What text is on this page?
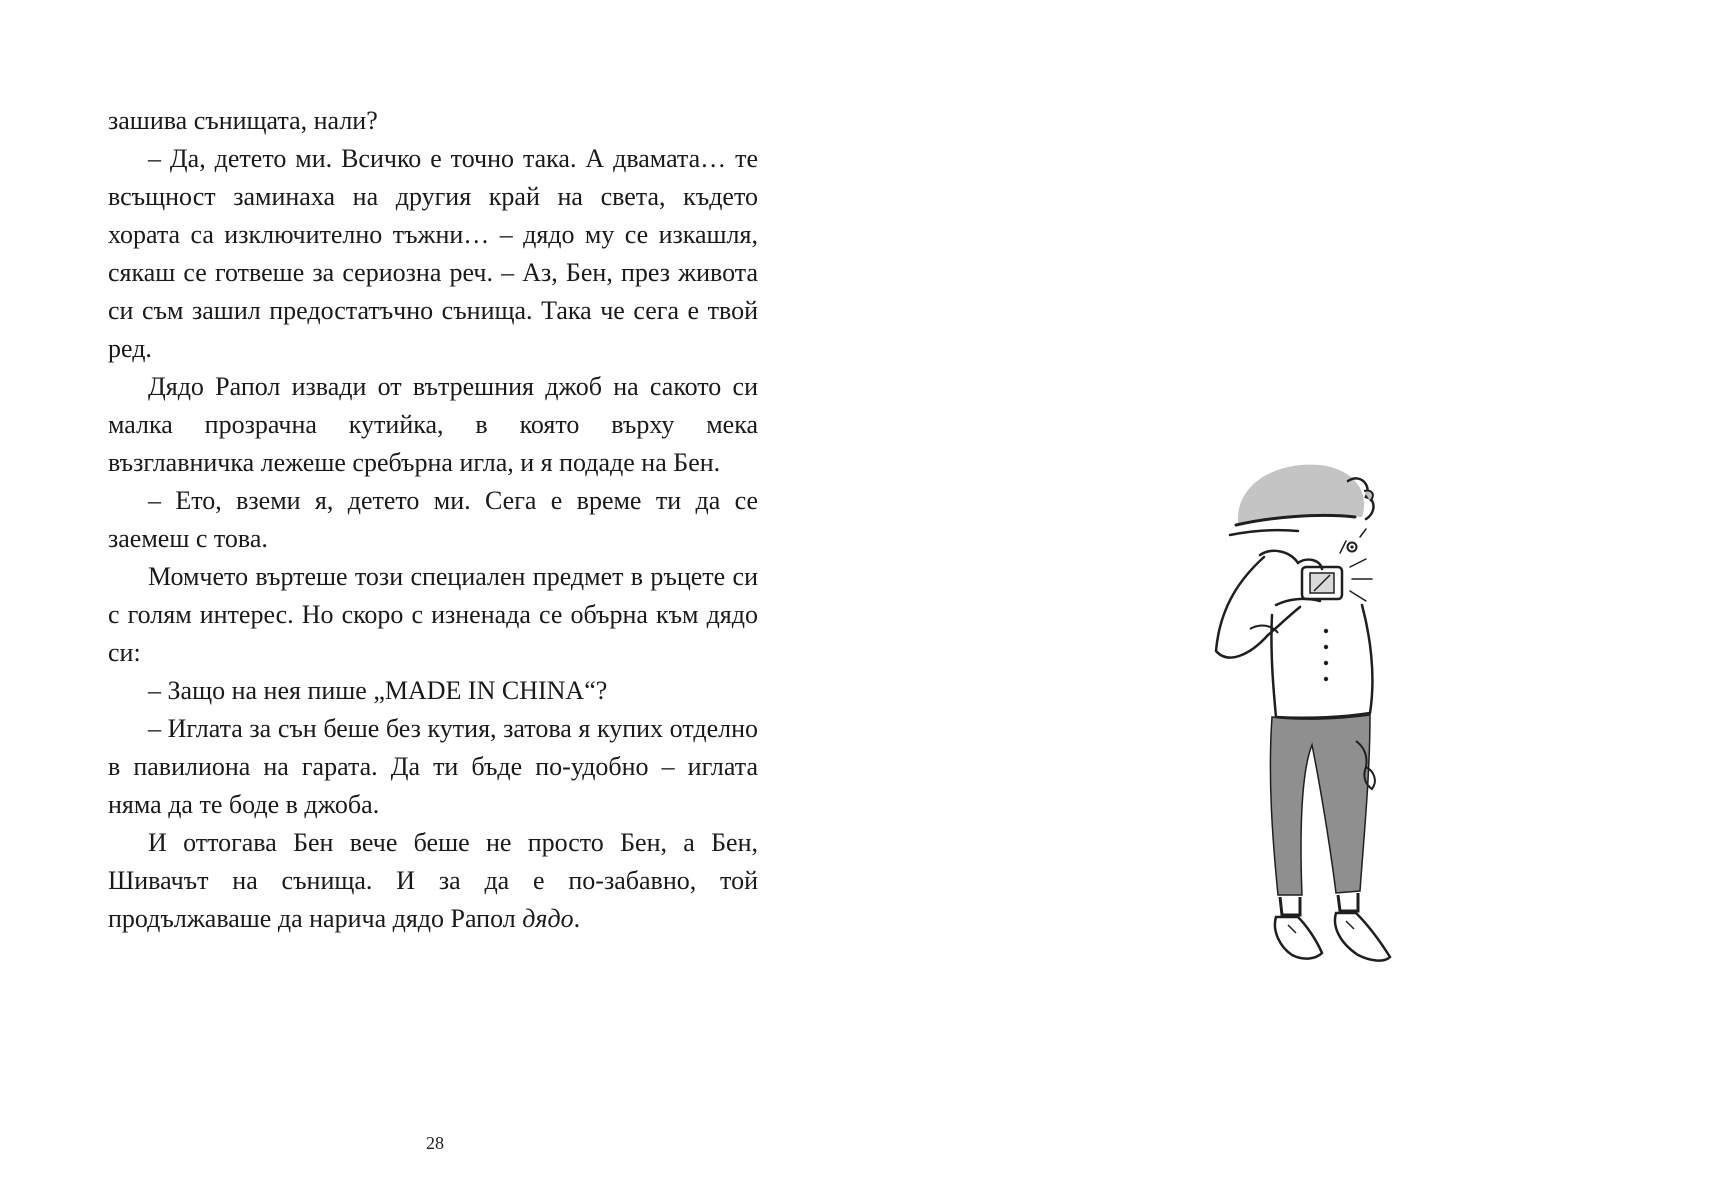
зашива сънищата, нали?

– Да, детето ми. Всичко е точно така. А двамата… те всъщност заминаха на другия край на света, където хората са изключително тъжни… – дядо му се изкашля, сякаш се готвеше за сериозна реч. – Аз, Бен, през живота си съм зашил предостатъчно сънища. Така че сега е твой ред.

Дядо Рапол извади от вътрешния джоб на сакото си малка прозрачна кутийка, в която върху мека възглавничка лежеше сребърна игла, и я подаде на Бен.

– Ето, вземи я, детето ми. Сега е време ти да се заемеш с това.

Момчето въртеше този специален предмет в ръцете си с голям интерес. Но скоро с изненада се обърна към дядо си:

– Защо на нея пише „MADE IN CHINA“?

– Иглата за сън беше без кутия, затова я купих отделно в павилиона на гарата. Да ти бъде по-удобно – иглата няма да те боде в джоба.

И оттогава Бен вече беше не просто Бен, а Бен, Шивачът на сънища. И за да е по-забавно, той продължаваше да нарича дядо Рапол дядо.

28
